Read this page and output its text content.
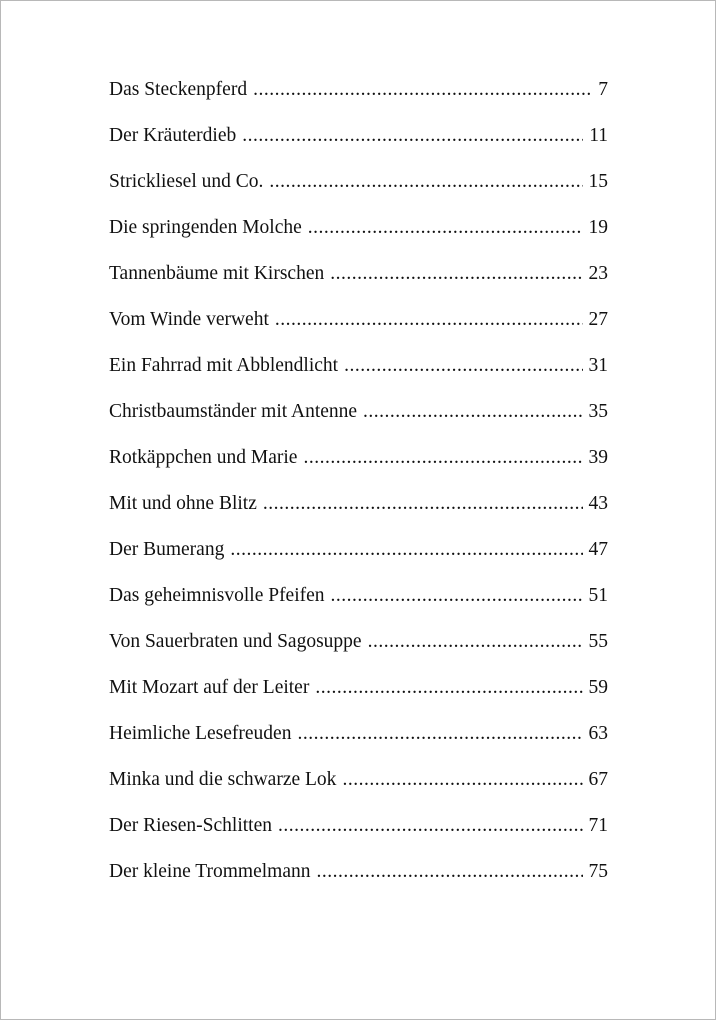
Das Steckenpferd .....	7
Der Kräuterdieb .....	11
Strickliesel und Co. .....	15
Die springenden Molche .....	19
Tannenbäume mit Kirschen .....	23
Vom Winde verweht .....	27
Ein Fahrrad mit Abblendlicht .....	31
Christbaumständer mit Antenne .....	35
Rotkäppchen und Marie .....	39
Mit und ohne Blitz .....	43
Der Bumerang .....	47
Das geheimnisvolle Pfeifen .....	51
Von Sauerbraten und Sagosuppe .....	55
Mit Mozart auf der Leiter .....	59
Heimliche Lesefreuden .....	63
Minka und die schwarze Lok .....	67
Der Riesen-Schlitten .....	71
Der kleine Trommelmann .....	75
